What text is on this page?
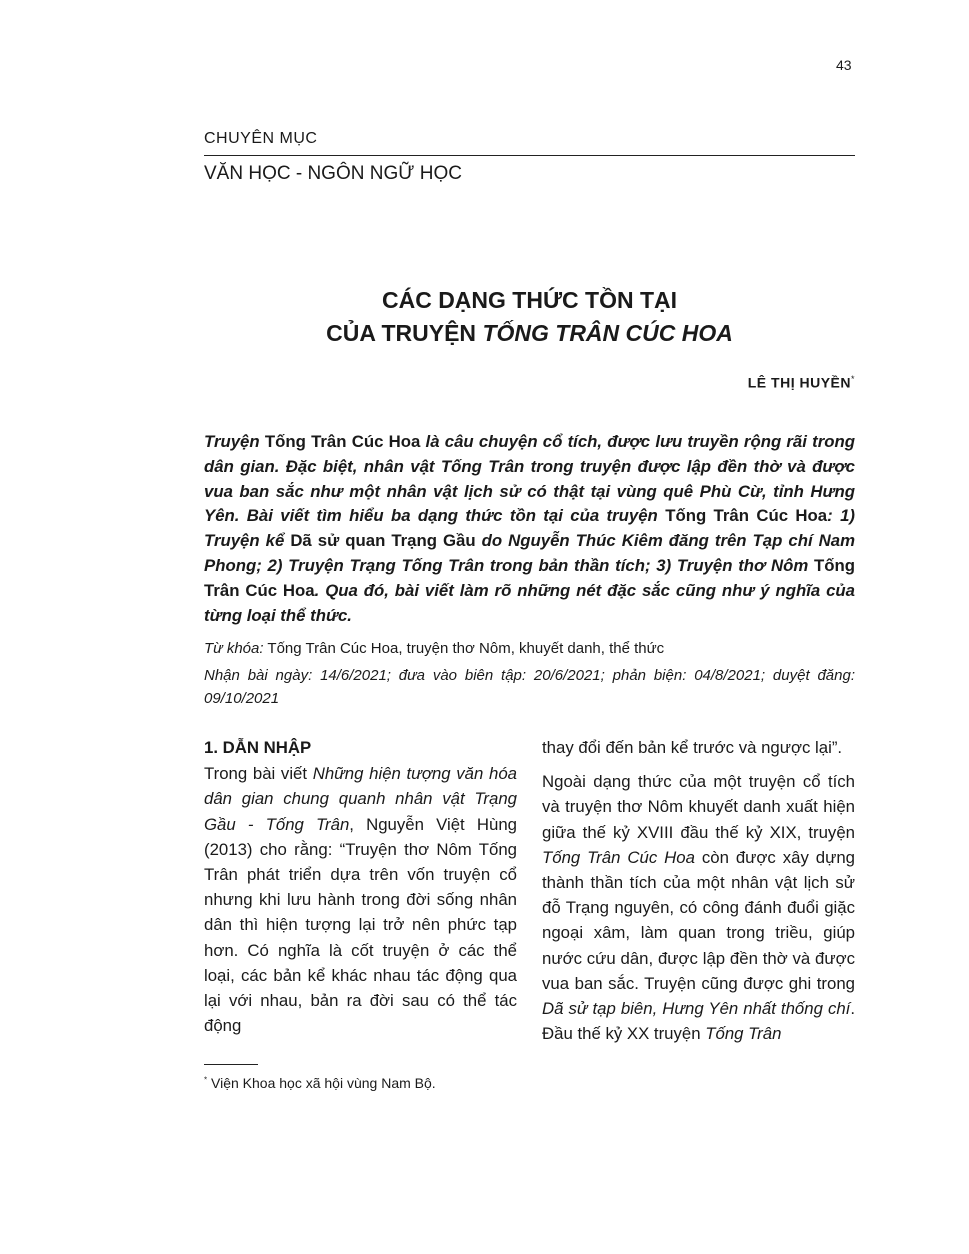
43
CHUYÊN MỤC
VĂN HỌC - NGÔN NGỮ HỌC
CÁC DẠNG THỨC TỒN TẠI
CỦA TRUYỆN TỐNG TRÂN CÚC HOA
LÊ THỊ HUYỀN*
Truyện Tống Trân Cúc Hoa là câu chuyện cổ tích, được lưu truyền rộng rãi trong dân gian. Đặc biệt, nhân vật Tống Trân trong truyện được lập đền thờ và được vua ban sắc như một nhân vật lịch sử có thật tại vùng quê Phù Cừ, tỉnh Hưng Yên. Bài viết tìm hiểu ba dạng thức tồn tại của truyện Tống Trân Cúc Hoa: 1) Truyện kể Dã sử quan Trạng Gầu do Nguyễn Thúc Kiêm đăng trên Tạp chí Nam Phong; 2) Truyện Trạng Tống Trân trong bản thần tích; 3) Truyện thơ Nôm Tống Trân Cúc Hoa. Qua đó, bài viết làm rõ những nét đặc sắc cũng như ý nghĩa của từng loại thể thức.
Từ khóa: Tống Trân Cúc Hoa, truyện thơ Nôm, khuyết danh, thể thức
Nhận bài ngày: 14/6/2021; đưa vào biên tập: 20/6/2021; phản biện: 04/8/2021; duyệt đăng: 09/10/2021
1. DẪN NHẬP

Trong bài viết Những hiện tượng văn hóa dân gian chung quanh nhân vật Trạng Gầu - Tống Trân, Nguyễn Việt Hùng (2013) cho rằng: “Truyện thơ Nôm Tống Trân phát triển dựa trên vốn truyện cổ nhưng khi lưu hành trong đời sống nhân dân thì hiện tượng lại trở nên phức tạp hơn. Có nghĩa là cốt truyện ở các thể loại, các bản kể khác nhau tác động qua lại với nhau, bản ra đời sau có thể tác động

thay đổi đến bản kể trước và ngược lại”.

Ngoài dạng thức của một truyện cổ tích và truyện thơ Nôm khuyết danh xuất hiện giữa thế kỷ XVIII đầu thế kỷ XIX, truyện Tống Trân Cúc Hoa còn được xây dựng thành thần tích của một nhân vật lịch sử đỗ Trạng nguyên, có công đánh đuổi giặc ngoại xâm, làm quan trong triều, giúp nước cứu dân, được lập đền thờ và được vua ban sắc. Truyện cũng được ghi trong Dã sử tạp biên, Hưng Yên nhất thống chí. Đầu thế kỷ XX truyện Tống Trân

* Viện Khoa học xã hội vùng Nam Bộ.
